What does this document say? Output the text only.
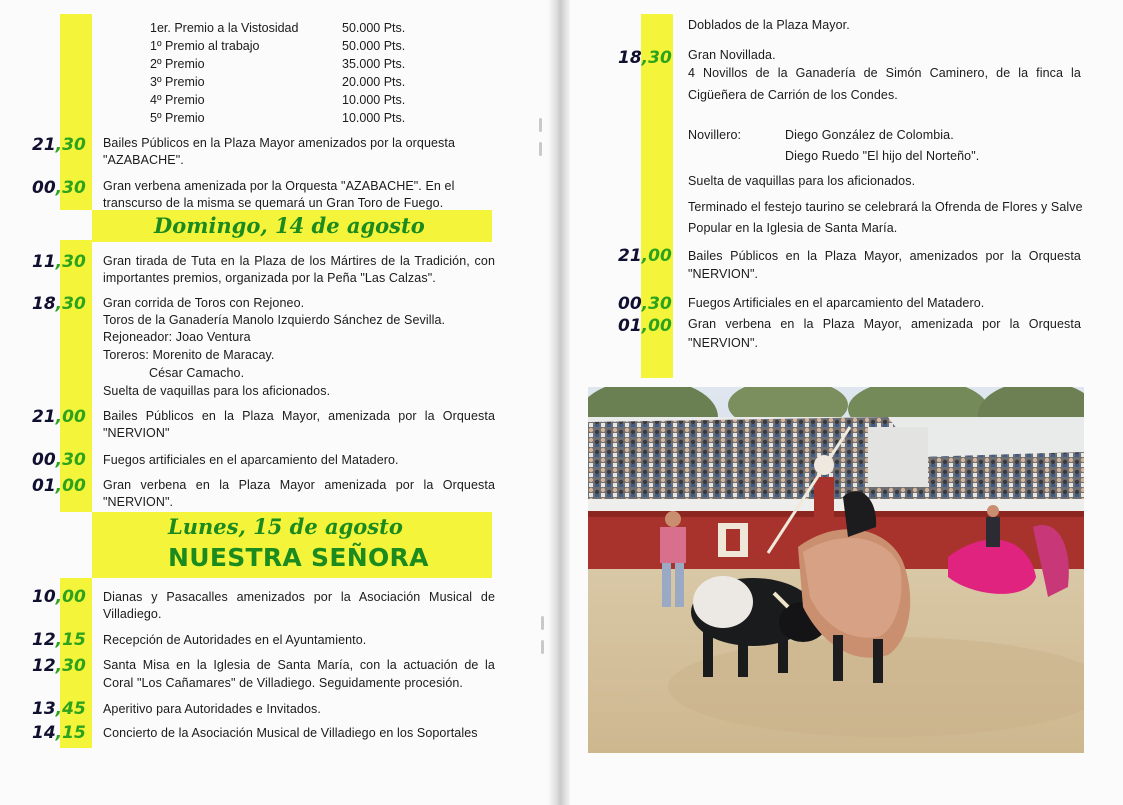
1er. Premio a la Vistosidad	50.000 Pts.
1º Premio al trabajo	50.000 Pts.
2º Premio	35.000 Pts.
3º Premio	20.000 Pts.
4º Premio	10.000 Pts.
5º Premio	10.000 Pts.
21,30 Bailes Públicos en la Plaza Mayor amenizados por la orquesta
"AZABACHE".
00,30 Gran verbena amenizada por la Orquesta "AZABACHE". En el
transcurso de la misma se quemará un Gran Toro de Fuego.
Domingo, 14 de agosto
11,30 Gran tirada de Tuta en la Plaza de los Mártires de la Tradición, con
importantes premios, organizada por la Peña "Las Calzas".
18,30 Gran corrida de Toros con Rejoneo.
Toros de la Ganadería Manolo Izquierdo Sánchez de Sevilla.
Rejoneador: Joao Ventura
Toreros: Morenito de Maracay.
César Camacho.
Suelta de vaquillas para los aficionados.
21,00 Bailes Públicos en la Plaza Mayor, amenizada por la Orquesta
"NERVION"
00,30 Fuegos artificiales en el aparcamiento del Matadero.
01,00 Gran verbena en la Plaza Mayor amenizada por la Orquesta
"NERVION".
Lunes, 15 de agosto
NUESTRA SEÑORA
10,00 Dianas y Pasacalles amenizados por la Asociación Musical de
Villadiego.
12,15 Recepción de Autoridades en el Ayuntamiento.
12,30 Santa Misa en la Iglesia de Santa María, con la actuación de la
Coral "Los Cañamares" de Villadiego. Seguidamente procesión.
13,45 Aperitivo para Autoridades e Invitados.
14,15 Concierto de la Asociación Musical de Villadiego en los Soportales
Doblados de la Plaza Mayor.
18,30 Gran Novillada.
4 Novillos de la Ganadería de Simón Caminero, de la finca la
Cigüeñera de Carrión de los Condes.
Novillero:	Diego González de Colombia.
Diego Ruedo "El hijo del Norteño".
Suelta de vaquillas para los aficionados.
Terminado el festejo taurino se celebrará la Ofrenda de Flores y Salve
Popular en la Iglesia de Santa María.
21,00 Bailes Públicos en la Plaza Mayor, amenizados por la Orquesta
"NERVION".
00,30 Fuegos Artificiales en el aparcamiento del Matadero.
01,00 Gran verbena en la Plaza Mayor, amenizada por la Orquesta
"NERVION".
